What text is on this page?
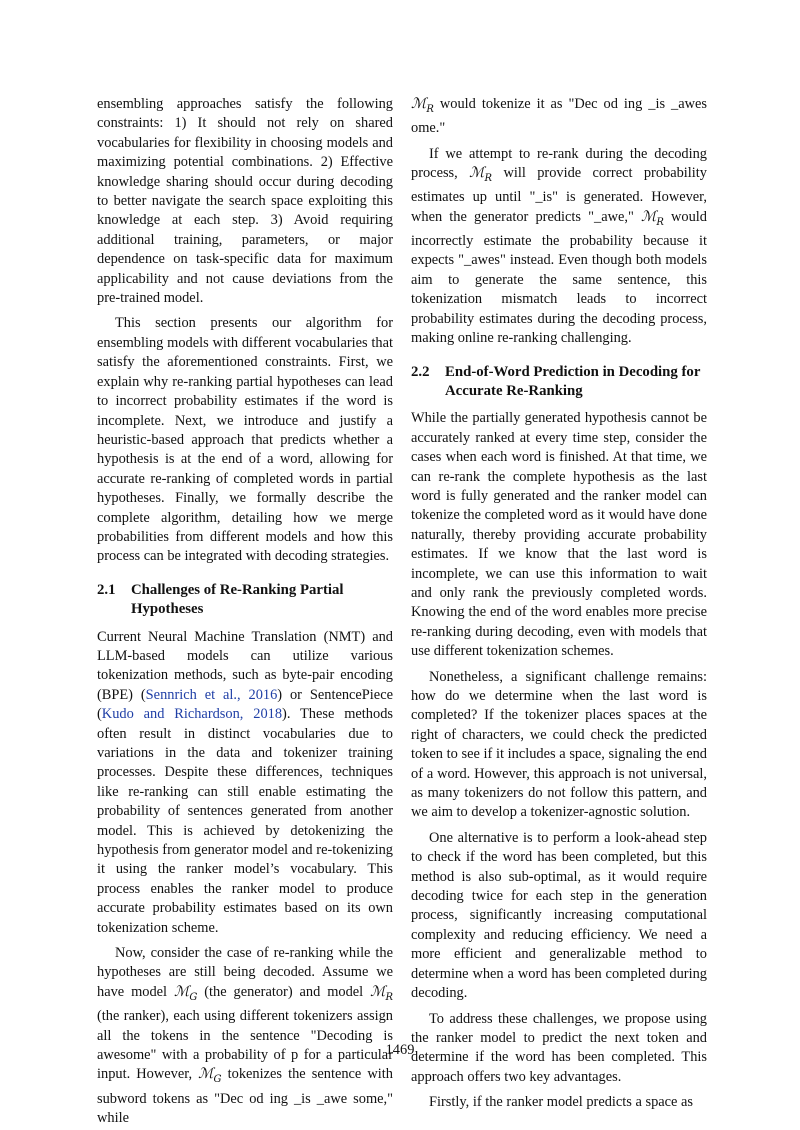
ensembling approaches satisfy the following constraints: 1) It should not rely on shared vocabularies for flexibility in choosing models and maximizing potential combinations. 2) Effective knowledge sharing should occur during decoding to better navigate the search space exploiting this knowledge at each step. 3) Avoid requiring additional training, parameters, or major dependence on task-specific data for maximum applicability and not cause deviations from the pre-trained model.

This section presents our algorithm for ensembling models with different vocabularies that satisfy the aforementioned constraints. First, we explain why re-ranking partial hypotheses can lead to incorrect probability estimates if the word is incomplete. Next, we introduce and justify a heuristic-based approach that predicts whether a hypothesis is at the end of a word, allowing for accurate re-ranking of completed words in partial hypotheses. Finally, we formally describe the complete algorithm, detailing how we merge probabilities from different models and how this process can be integrated with decoding strategies.

2.1	Challenges of Re-Ranking Partial Hypotheses

Current Neural Machine Translation (NMT) and LLM-based models can utilize various tokenization methods, such as byte-pair encoding (BPE) (Sennrich et al., 2016) or SentencePiece (Kudo and Richardson, 2018). These methods often result in distinct vocabularies due to variations in the data and tokenizer training processes. Despite these differences, techniques like re-ranking can still enable estimating the probability of sentences generated from another model. This is achieved by detokenizing the hypothesis from generator model and re-tokenizing it using the ranker model’s vocabulary. This process enables the ranker model to produce accurate probability estimates based on its own tokenization scheme.

Now, consider the case of re-ranking while the hypotheses are still being decoded. Assume we have model ℳ$_G$ (the generator) and model ℳ$_R$ (the ranker), each using different tokenizers assign all the tokens in the sentence "Decoding is awesome" with a probability of p for a particular input. However, ℳ$_G$ tokenizes the sentence with subword tokens as "Dec od ing _is _awe some," while

ℳ$_R$ would tokenize it as "Dec od ing _is _awes ome."

If we attempt to re-rank during the decoding process, ℳ$_R$ will provide correct probability estimates up until "_is" is generated. However, when the generator predicts "_awe," ℳ$_R$ would incorrectly estimate the probability because it expects "_awes" instead. Even though both models aim to generate the same sentence, this tokenization mismatch leads to incorrect probability estimates during the decoding process, making online re-ranking challenging.

2.2	End-of-Word Prediction in Decoding for Accurate Re-Ranking

While the partially generated hypothesis cannot be accurately ranked at every time step, consider the cases when each word is finished. At that time, we can re-rank the complete hypothesis as the last word is fully generated and the ranker model can tokenize the completed word as it would have done naturally, thereby providing accurate probability estimates. If we know that the last word is incomplete, we can use this information to wait and only rank the previously completed words. Knowing the end of the word enables more precise re-ranking during decoding, even with models that use different tokenization schemes.

Nonetheless, a significant challenge remains: how do we determine when the last word is completed? If the tokenizer places spaces at the right of characters, we could check the predicted token to see if it includes a space, signaling the end of a word. However, this approach is not universal, as many tokenizers do not follow this pattern, and we aim to develop a tokenizer-agnostic solution.

One alternative is to perform a look-ahead step to check if the word has been completed, but this method is also sub-optimal, as it would require decoding twice for each step in the generation process, significantly increasing computational complexity and reducing efficiency. We need a more efficient and generalizable method to determine when a word has been completed during decoding.

To address these challenges, we propose using the ranker model to predict the next token and determine if the word has been completed. This approach offers two key advantages.

Firstly, if the ranker model predicts a space as

1469
